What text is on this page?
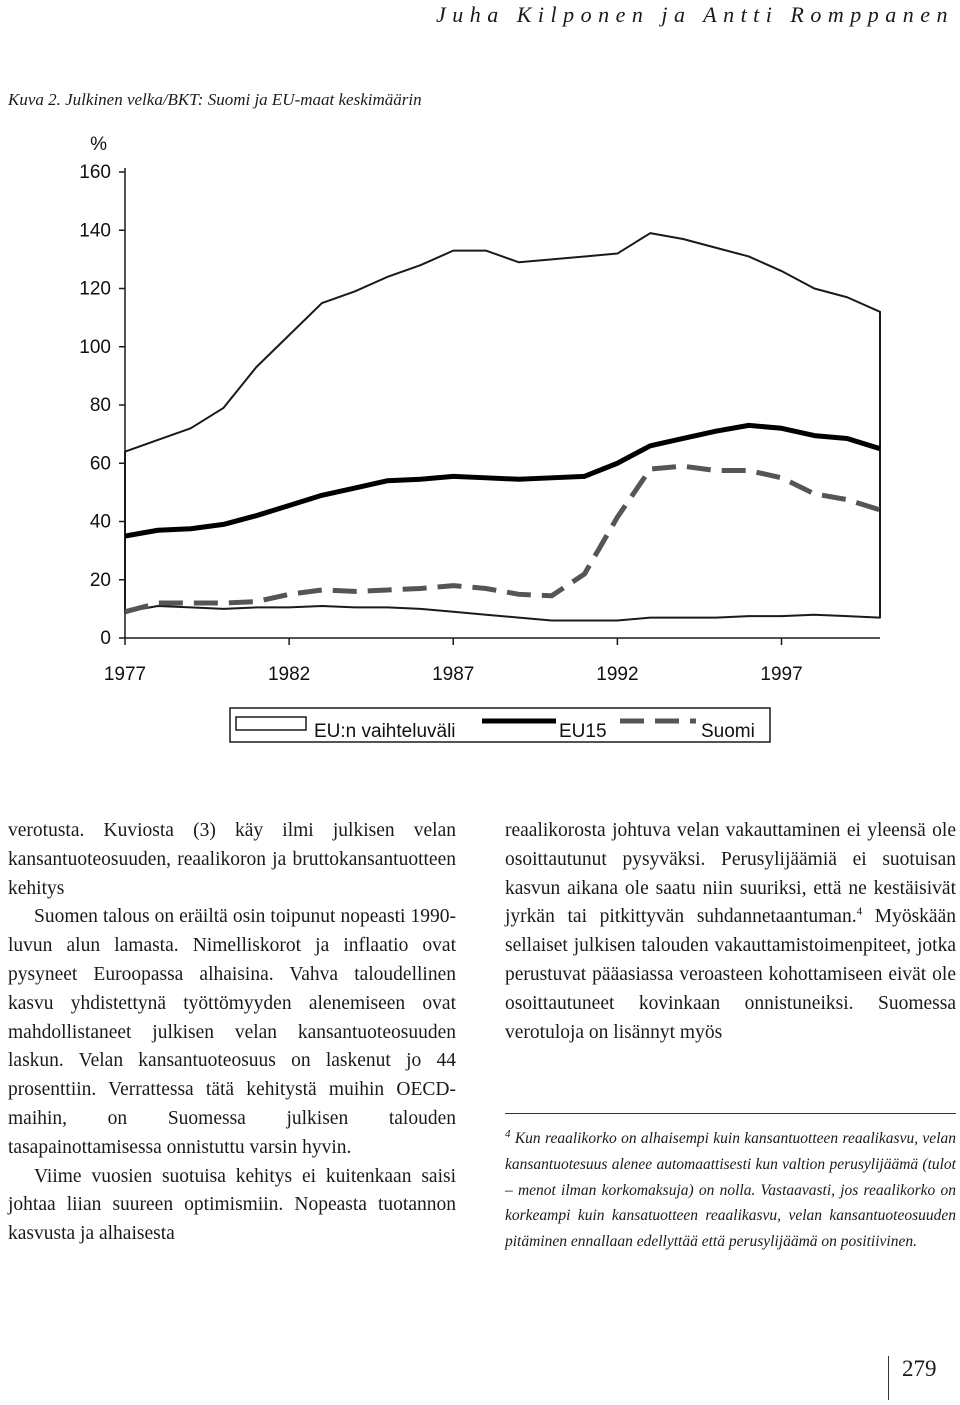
Juha Kilponen ja Antti Romppanen
Kuva 2. Julkinen velka/BKT: Suomi ja EU-maat keskimäärin
0
20
40
60
80
100
120
140
160
1977	1982	1987	1992	1997
%
EU:n vaihteluväli	EU15	Suomi

verotusta. Kuviosta (3) käy ilmi julkisen velan kansantuoteosuuden, reaalikoron ja bruttokansantuotteen kehitys

Suomen talous on eräiltä osin toipunut nopeasti 1990-luvun alun lamasta. Nimelliskorot ja inflaatio ovat pysyneet Euroopassa alhaisina. Vahva taloudellinen kasvu yhdistettynä työttömyyden alenemiseen ovat mahdollistaneet julkisen velan kansantuoteosuuden laskun. Velan kansantuoteosuus on laskenut jo 44 prosenttiin. Verrattessa tätä kehitystä muihin OECD-maihin, on Suomessa julkisen talouden tasapainottamisessa onnistuttu varsin hyvin.

Viime vuosien suotuisa kehitys ei kuitenkaan saisi johtaa liian suureen optimismiin. Nopeasta tuotannon kasvusta ja alhaisesta

reaalikorosta johtuva velan vakauttaminen ei yleensä ole osoittautunut pysyväksi. Perusylijäämiä ei suotuisan kasvun aikana ole saatu niin suuriksi, että ne kestäisivät jyrkän tai pitkittyvän suhdannetaantuman.$^4$ Myöskään sellaiset julkisen talouden vakauttamistoimenpiteet, jotka perustuvat pääasiassa veroasteen kohottamiseen eivät ole osoittautuneet kovinkaan onnistuneiksi. Suomessa verotuloja on lisännyt myös

$^4$ Kun reaalikorko on alhaisempi kuin kansantuotteen reaalikasvu, velan kansantuotesuus alenee automaattisesti kun valtion perusylijäämä (tulot – menot ilman korkomaksuja) on nolla. Vastaavasti, jos reaalikorko on korkeampi kuin kansatuotteen reaalikasvu, velan kansantuoteosuuden pitäminen ennallaan edellyttää että perusylijäämä on positiivinen.

279
